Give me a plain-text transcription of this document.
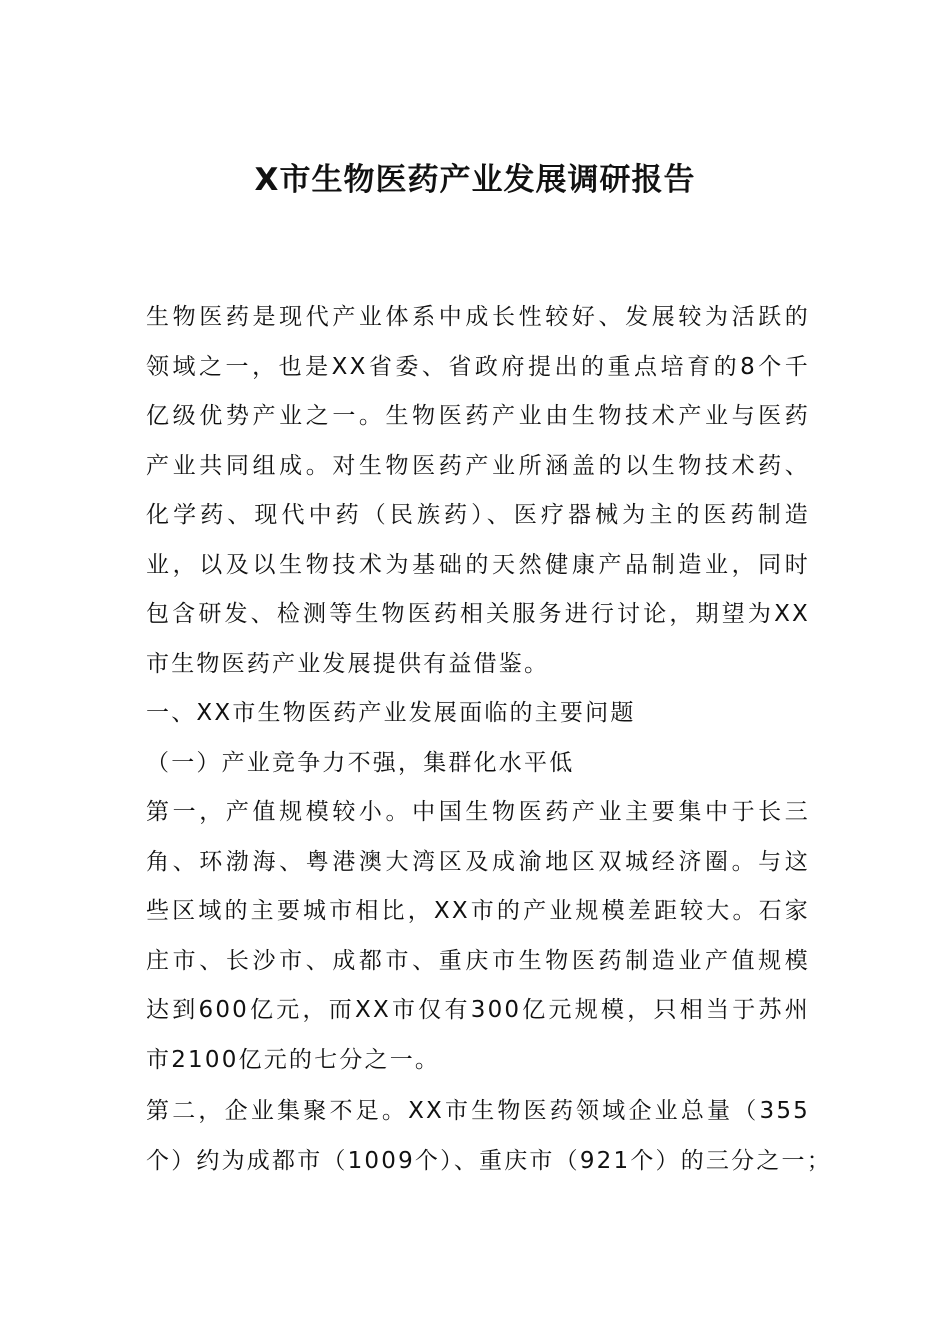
X市生物医药产业发展调研报告
生物医药是现代产业体系中成长性较好、发展较为活跃的
领域之一，也是XX省委、省政府提出的重点培育的8个千
亿级优势产业之一。生物医药产业由生物技术产业与医药
产业共同组成。对生物医药产业所涵盖的以生物技术药、
化学药、现代中药（民族药）、医疗器械为主的医药制造
业，以及以生物技术为基础的天然健康产品制造业，同时
包含研发、检测等生物医药相关服务进行讨论，期望为XX
市生物医药产业发展提供有益借鉴。
一、XX市生物医药产业发展面临的主要问题
（一）产业竞争力不强，集群化水平低
第一，产值规模较小。中国生物医药产业主要集中于长三
角、环渤海、粤港澳大湾区及成渝地区双城经济圈。与这
些区域的主要城市相比，XX市的产业规模差距较大。石家
庄市、长沙市、成都市、重庆市生物医药制造业产值规模
达到600亿元，而XX市仅有300亿元规模，只相当于苏州
市2100亿元的七分之一。
第二，企业集聚不足。XX市生物医药领域企业总量（355
个）约为成都市（1009个）、重庆市（921个）的三分之一；
